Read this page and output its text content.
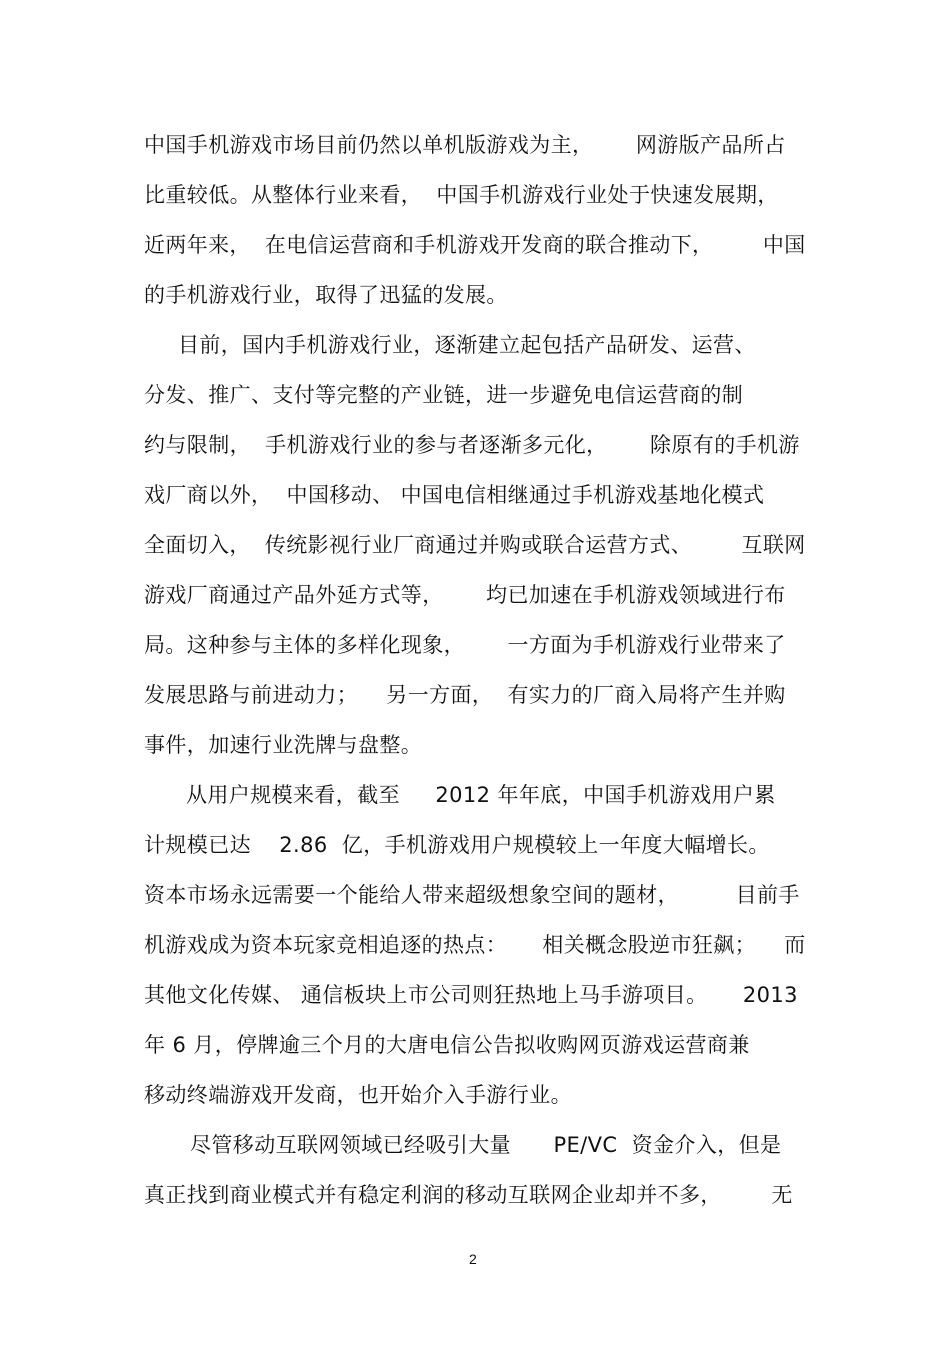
中国手机游戏市场目前仍然以单机版游戏为主，      网游版产品所占
比重较低。从整体行业来看，  中国手机游戏行业处于快速发展期，
近两年来，  在电信运营商和手机游戏开发商的联合推动下，       中国
的手机游戏行业，取得了迅猛的发展。
目前，国内手机游戏行业，逐渐建立起包括产品研发、运营、
分发、推广、支付等完整的产业链，进一步避免电信运营商的制
约与限制，  手机游戏行业的参与者逐渐多元化，      除原有的手机游
戏厂商以外，  中国移动、 中国电信相继通过手机游戏基地化模式
全面切入，  传统影视行业厂商通过并购或联合运营方式、       互联网
游戏厂商通过产品外延方式等，      均已加速在手机游戏领域进行布
局。这种参与主体的多样化现象，      一方面为手机游戏行业带来了
发展思路与前进动力；    另一方面，  有实力的厂商入局将产生并购
事件，加速行业洗牌与盘整。
从用户规模来看，截至     2012 年年底，中国手机游戏用户累
计规模已达    2.86  亿，手机游戏用户规模较上一年度大幅增长。
资本市场永远需要一个能给人带来超级想象空间的题材，        目前手
机游戏成为资本玩家竞相追逐的热点：     相关概念股逆市狂飙；    而
其他文化传媒、 通信板块上市公司则狂热地上马手游项目。     2013
年 6 月，停牌逾三个月的大唐电信公告拟收购网页游戏运营商兼
移动终端游戏开发商，也开始介入手游行业。
尽管移动互联网领域已经吸引大量      PE/VC  资金介入，但是
真正找到商业模式并有稳定利润的移动互联网企业却并不多，       无
2
